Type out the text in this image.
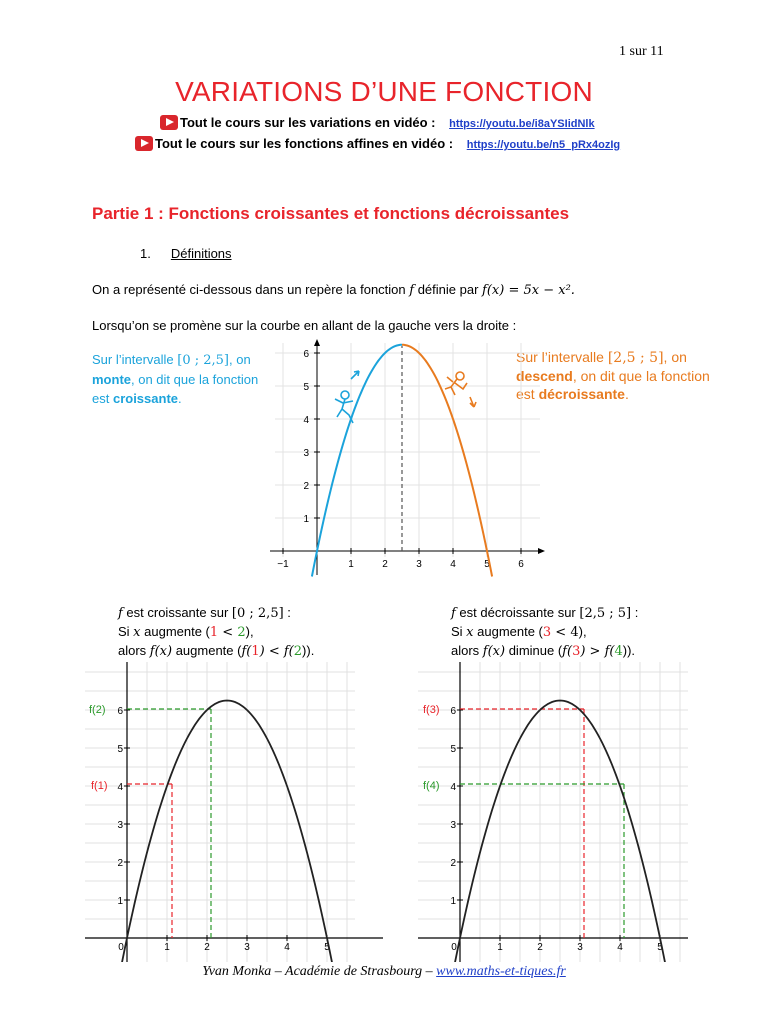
1 sur 11
VARIATIONS D’UNE FONCTION
Tout le cours sur les variations en vidéo : https://youtu.be/i8aYSIidNlk
Tout le cours sur les fonctions affines en vidéo : https://youtu.be/n5_pRx4ozIg
Partie 1 : Fonctions croissantes et fonctions décroissantes
1. Définitions
On a représenté ci-dessous dans un repère la fonction f définie par f(x) = 5x − x².
Lorsqu’on se promène sur la courbe en allant de la gauche vers la droite :
Sur l’intervalle [0 ; 2,5], on monte, on dit que la fonction est croissante.
Sur l’intervalle [2,5 ; 5], on descend, on dit que la fonction est décroissante.
−1	1	2	3	4	5	6
1
2
3
4
5
6
f est croissante sur [0 ; 2,5] :
Si x augmente (1 < 2),
alors f(x) augmente (f(1) < f(2)).
f est décroissante sur [2,5 ; 5] :
Si x augmente (3 < 4),
alors f(x) diminue (f(3) > f(4)).
0	1	2	3	4	5
1
2
3
4
5
6
f(2)
f(1)
0	1	2	3	4	5
1
2
3
4
5
6
f(3)
f(4)
Yvan Monka – Académie de Strasbourg – www.maths-et-tiques.fr
